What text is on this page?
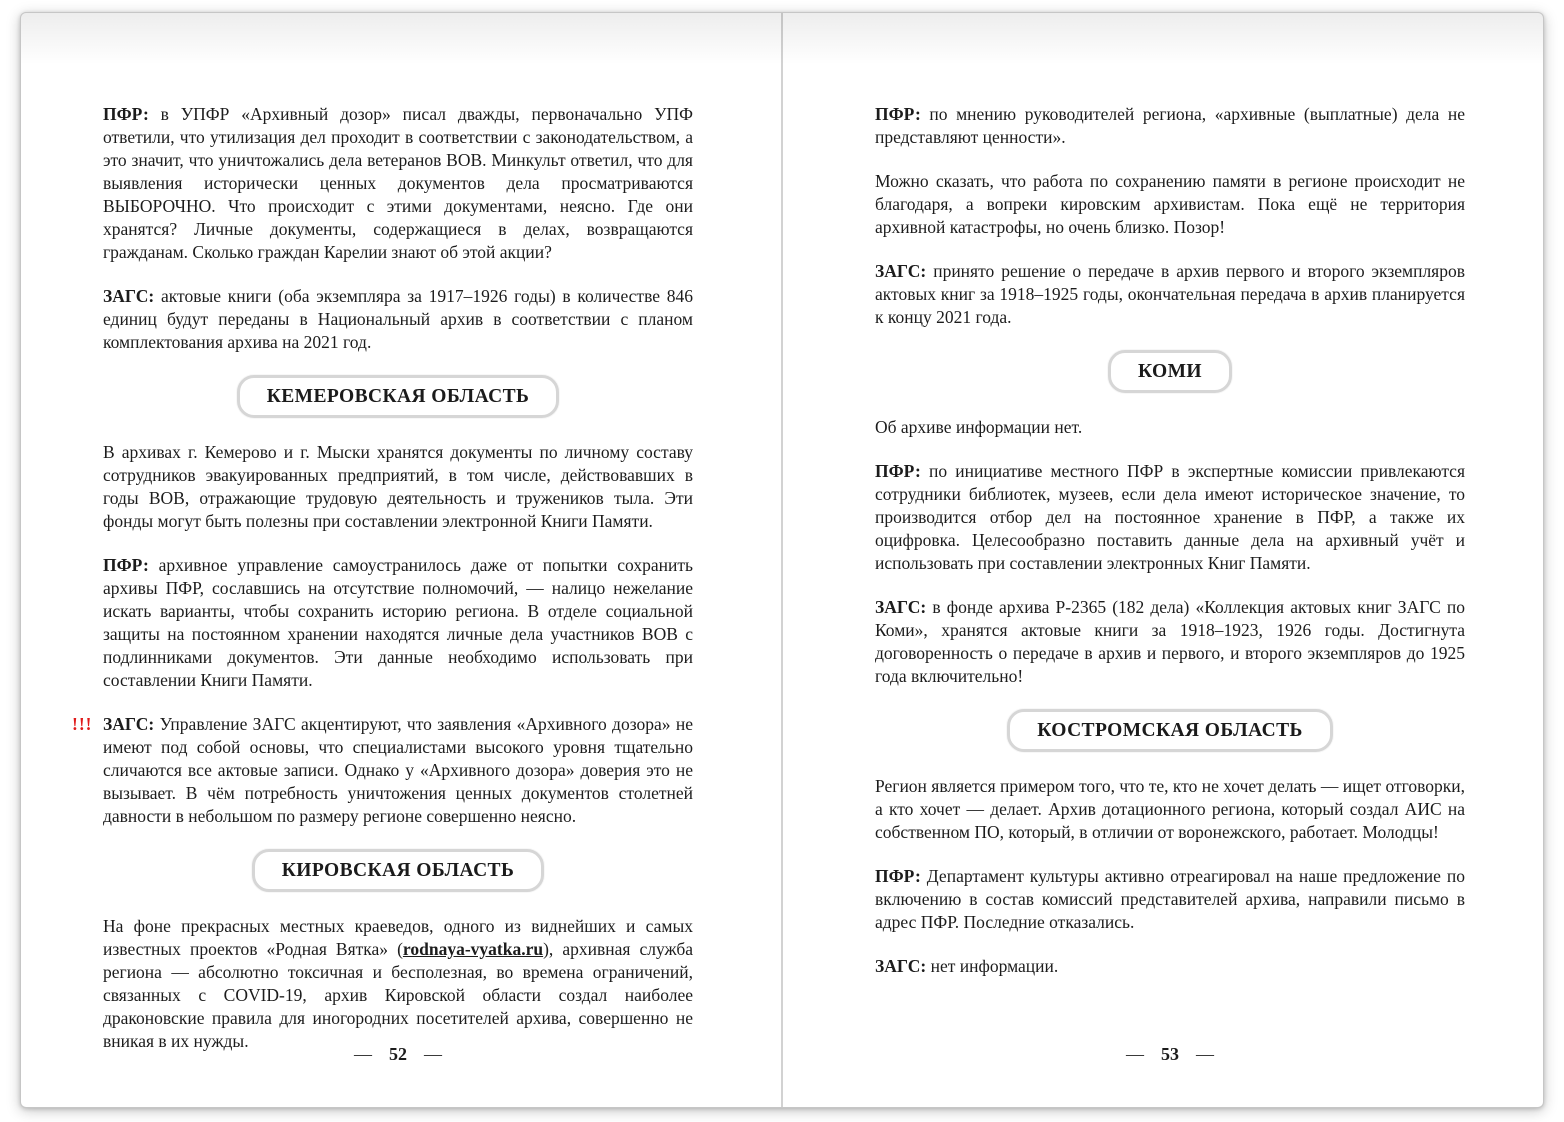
ПФР: в УПФР «Архивный дозор» писал дважды, первоначально УПФ ответили, что утилизация дел проходит в соответствии с законодательством, а это значит, что уничтожались дела ветеранов ВОВ. Минкульт ответил, что для выявления исторически ценных документов дела просматриваются ВЫБОРОЧНО. Что происходит с этими документами, неясно. Где они хранятся? Личные документы, содержащиеся в делах, возвращаются гражданам. Сколько граждан Карелии знают об этой акции?

ЗАГС: актовые книги (оба экземпляра за 1917–1926 годы) в количестве 846 единиц будут переданы в Национальный архив в соответствии с планом комплектования архива на 2021 год.

КЕМЕРОВСКАЯ ОБЛАСТЬ

В архивах г. Кемерово и г. Мыски хранятся документы по личному составу сотрудников эвакуированных предприятий, в том числе, действовавших в годы ВОВ, отражающие трудовую деятельность и тружеников тыла. Эти фонды могут быть полезны при составлении электронной Книги Памяти.

ПФР: архивное управление самоустранилось даже от попытки сохранить архивы ПФР, сославшись на отсутствие полномочий, — налицо нежелание искать варианты, чтобы сохранить историю региона. В отделе социальной защиты на постоянном хранении находятся личные дела участников ВОВ с подлинниками документов. Эти данные необходимо использовать при составлении Книги Памяти.

!!! ЗАГС: Управление ЗАГС акцентируют, что заявления «Архивного дозора» не имеют под собой основы, что специалистами высокого уровня тщательно сличаются все актовые записи. Однако у «Архивного дозора» доверия это не вызывает. В чём потребность уничтожения ценных документов столетней давности в небольшом по размеру регионе совершенно неясно.

КИРОВСКАЯ ОБЛАСТЬ

На фоне прекрасных местных краеведов, одного из виднейших и самых известных проектов «Родная Вятка» (rodnaya-vyatka.ru), архивная служба региона — абсолютно токсичная и бесполезная, во времена ограничений, связанных с COVID-19, архив Кировской области создал наиболее драконовские правила для иногородних посетителей архива, совершенно не вникая в их нужды.

— 52 —

ПФР: по мнению руководителей региона, «архивные (выплатные) дела не представляют ценности».

Можно сказать, что работа по сохранению памяти в регионе происходит не благодаря, а вопреки кировским архивистам. Пока ещё не территория архивной катастрофы, но очень близко. Позор!

ЗАГС: принято решение о передаче в архив первого и второго экземпляров актовых книг за 1918–1925 годы, окончательная передача в архив планируется к концу 2021 года.

КОМИ

Об архиве информации нет.

ПФР: по инициативе местного ПФР в экспертные комиссии привлекаются сотрудники библиотек, музеев, если дела имеют историческое значение, то производится отбор дел на постоянное хранение в ПФР, а также их оцифровка. Целесообразно поставить данные дела на архивный учёт и использовать при составлении электронных Книг Памяти.

ЗАГС: в фонде архива Р-2365 (182 дела) «Коллекция актовых книг ЗАГС по Коми», хранятся актовые книги за 1918–1923, 1926 годы. Достигнута договоренность о передаче в архив и первого, и второго экземпляров до 1925 года включительно!

КОСТРОМСКАЯ ОБЛАСТЬ

Регион является примером того, что те, кто не хочет делать — ищет отговорки, а кто хочет — делает. Архив дотационного региона, который создал АИС на собственном ПО, который, в отличии от воронежского, работает. Молодцы!

ПФР: Департамент культуры активно отреагировал на наше предложение по включению в состав комиссий представителей архива, направили письмо в адрес ПФР. Последние отказались.

ЗАГС: нет информации.

— 53 —
